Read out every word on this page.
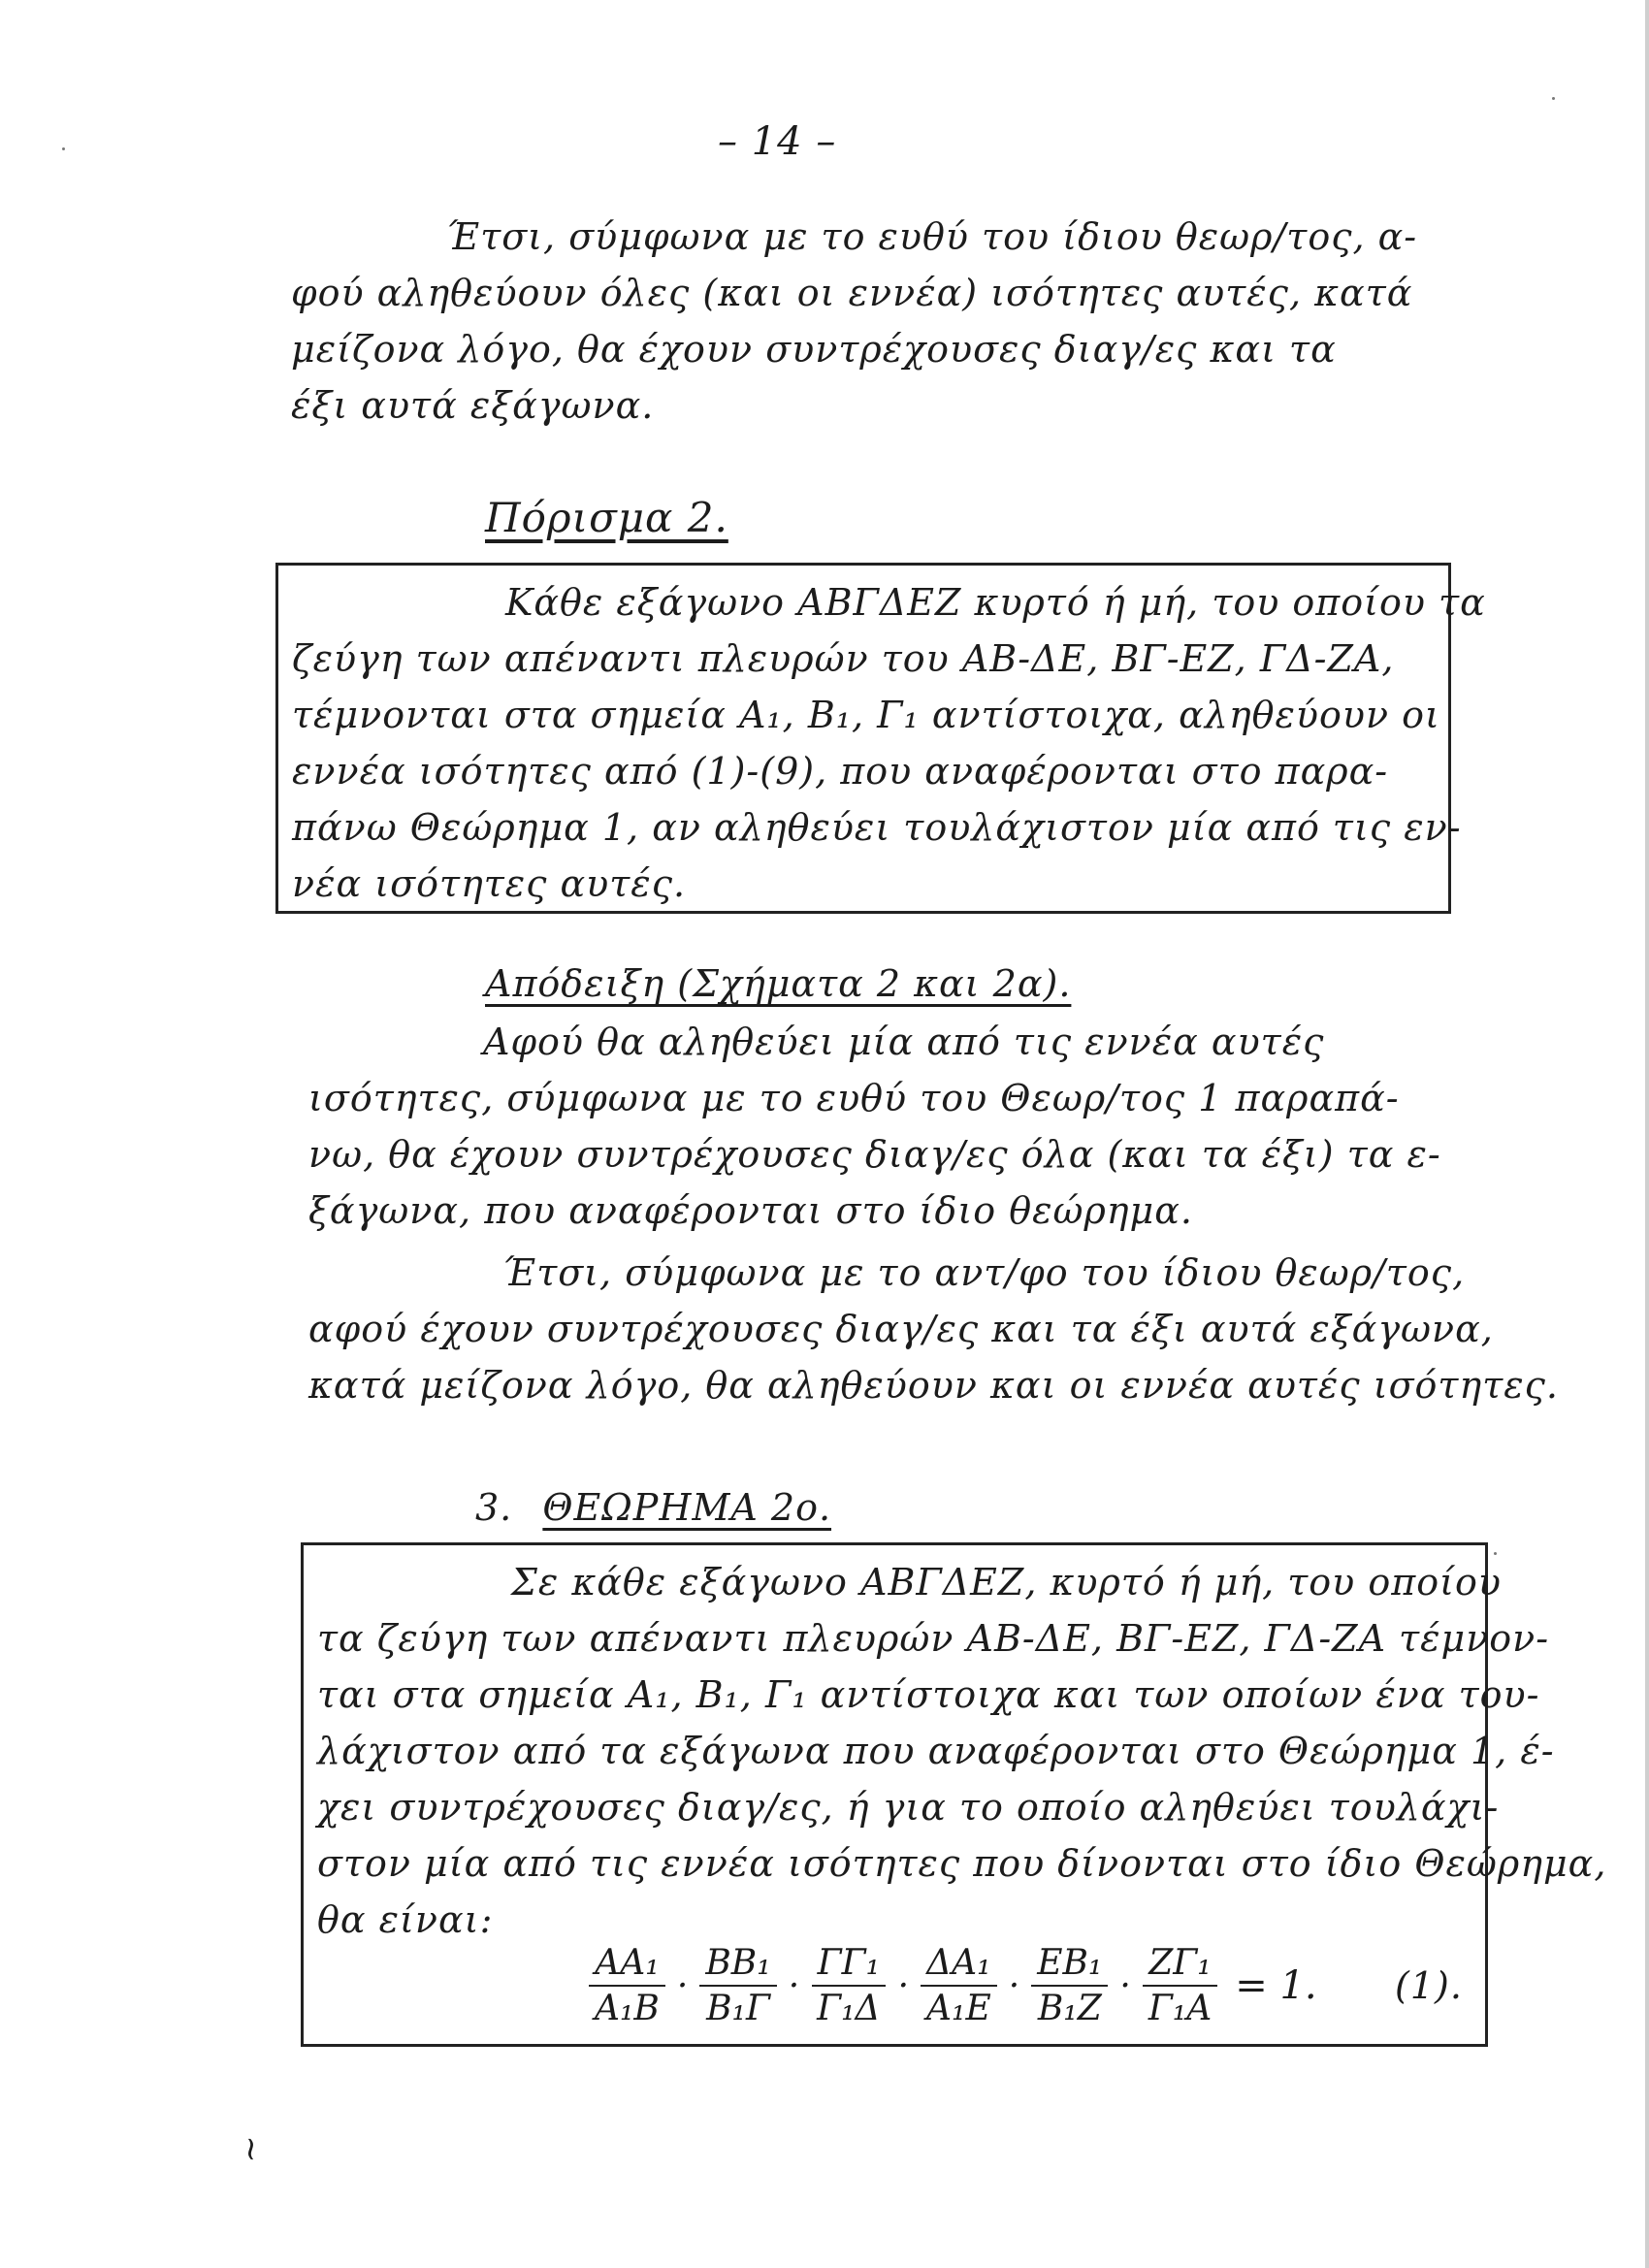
– 14 –
Έτσι, σύμφωνα με το ευθύ του ίδιου θεωρ/τος, α-
φού αληθεύουν όλες (και οι εννέα) ισότητες αυτές, κατά
μείζονα λόγο, θα έχουν συντρέχουσες διαγ/ες και τα
έξι αυτά εξάγωνα.
Πόρισμα 2.
Κάθε εξάγωνο ΑΒΓΔΕΖ κυρτό ή μή, του οποίου τα
ζεύγη των απέναντι πλευρών του ΑΒ-ΔΕ, ΒΓ-ΕΖ, ΓΔ-ΖΑ,
τέμνονται στα σημεία Α₁, Β₁, Γ₁ αντίστοιχα, αληθεύουν οι
εννέα ισότητες από (1)-(9), που αναφέρονται στο παρα-
πάνω Θεώρημα 1, αν αληθεύει τουλάχιστον μία από τις εν-
νέα ισότητες αυτές.
Απόδειξη (Σχήματα 2 και 2α).
Αφού θα αληθεύει μία από τις εννέα αυτές
ισότητες, σύμφωνα με το ευθύ του Θεωρ/τος 1 παραπά-
νω, θα έχουν συντρέχουσες διαγ/ες όλα (και τα έξι) τα ε-
ξάγωνα, που αναφέρονται στο ίδιο θεώρημα.
Έτσι, σύμφωνα με το αντ/φο του ίδιου θεωρ/τος,
αφού έχουν συντρέχουσες διαγ/ες και τα έξι αυτά εξάγωνα,
κατά μείζονα λόγο, θα αληθεύουν και οι εννέα αυτές ισότητες.
3. ΘΕΩΡΗΜΑ 2ο.
Σε κάθε εξάγωνο ΑΒΓΔΕΖ, κυρτό ή μή, του οποίου
τα ζεύγη των απέναντι πλευρών ΑΒ-ΔΕ, ΒΓ-ΕΖ, ΓΔ-ΖΑ τέμνον-
ται στα σημεία Α₁, Β₁, Γ₁ αντίστοιχα και των οποίων ένα του-
λάχιστον από τα εξάγωνα που αναφέρονται στο Θεώρημα 1, έ-
χει συντρέχουσες διαγ/ες, ή για το οποίο αληθεύει τουλάχι-
στον μία από τις εννέα ισότητες που δίνονται στο ίδιο Θεώρημα,
θα είναι:
$\frac{\text{ΑΑ₁}}{\text{Α₁Β}} \cdot \frac{\text{ΒΒ₁}}{\text{Β₁Γ}} \cdot \frac{\text{ΓΓ₁}}{\text{Γ₁Δ}} \cdot \frac{\text{ΔΑ₁}}{\text{Α₁Ε}} \cdot \frac{\text{ΕΒ₁}}{\text{Β₁Ζ}} \cdot \frac{\text{ΖΓ₁}}{\text{Γ₁Α}} = 1$. (1).
~
